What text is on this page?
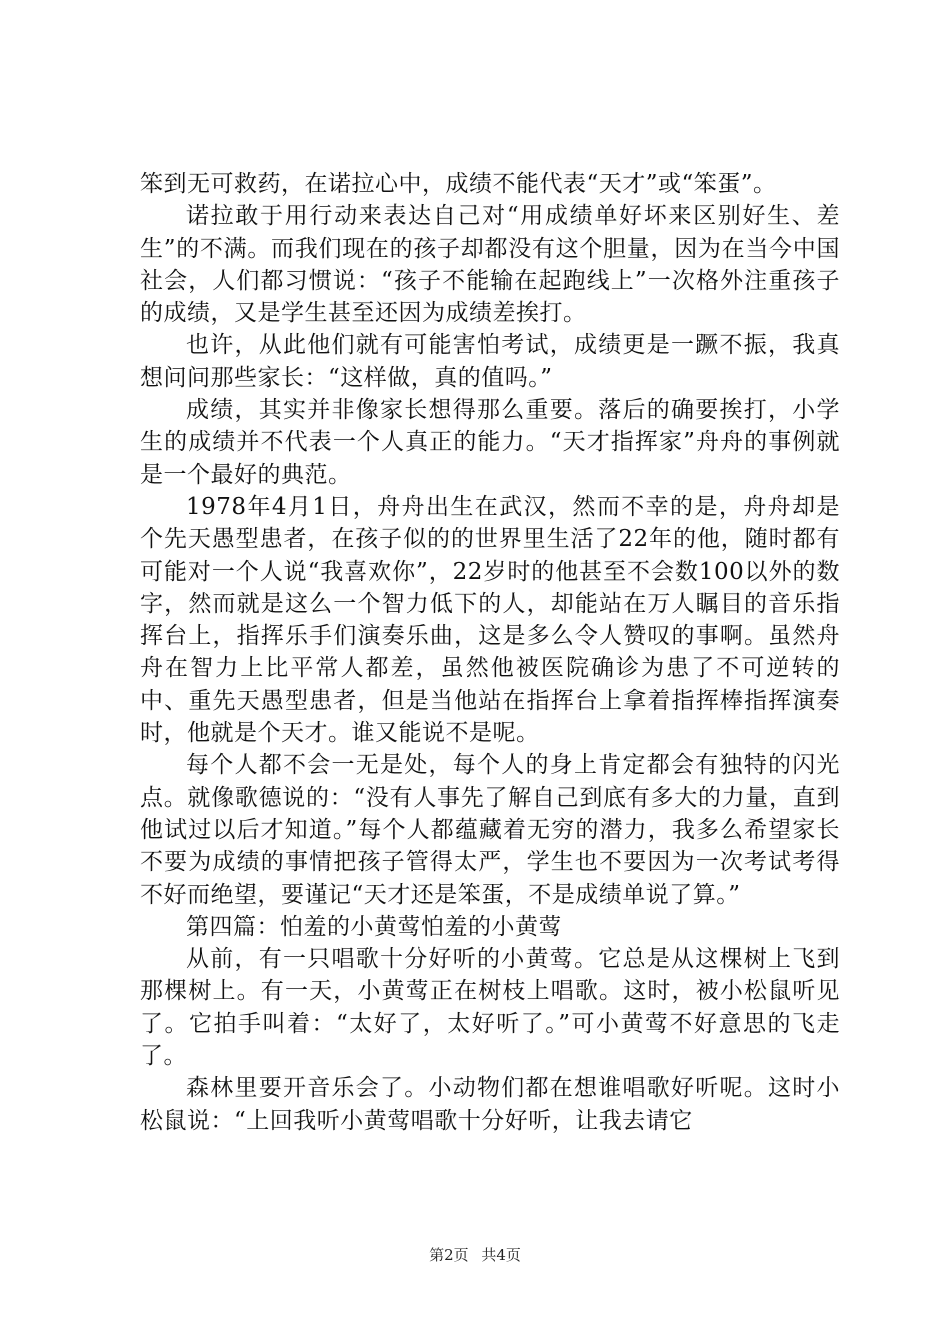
笨到无可救药，在诺拉心中，成绩不能代表“天才”或“笨蛋”。

诺拉敢于用行动来表达自己对“用成绩单好坏来区别好生、差生”的不满。而我们现在的孩子却都没有这个胆量，因为在当今中国社会，人们都习惯说：“孩子不能输在起跑线上”一次格外注重孩子的成绩，又是学生甚至还因为成绩差挨打。

也许，从此他们就有可能害怕考试，成绩更是一蹶不振，我真想问问那些家长：“这样做，真的值吗。”

成绩，其实并非像家长想得那么重要。落后的确要挨打，小学生的成绩并不代表一个人真正的能力。“天才指挥家”舟舟的事例就是一个最好的典范。

1978年4月1日，舟舟出生在武汉，然而不幸的是，舟舟却是个先天愚型患者，在孩子似的的世界里生活了22年的他，随时都有可能对一个人说“我喜欢你”，22岁时的他甚至不会数100以外的数字，然而就是这么一个智力低下的人，却能站在万人瞩目的音乐指挥台上，指挥乐手们演奏乐曲，这是多么令人赞叹的事啊。虽然舟舟在智力上比平常人都差，虽然他被医院确诊为患了不可逆转的中、重先天愚型患者，但是当他站在指挥台上拿着指挥棒指挥演奏时，他就是个天才。谁又能说不是呢。

每个人都不会一无是处，每个人的身上肯定都会有独特的闪光点。就像歌德说的：“没有人事先了解自己到底有多大的力量，直到他试过以后才知道。”每个人都蕴藏着无穷的潜力，我多么希望家长不要为成绩的事情把孩子管得太严，学生也不要因为一次考试考得不好而绝望，要谨记“天才还是笨蛋，不是成绩单说了算。”

第四篇：怕羞的小黄莺怕羞的小黄莺

从前，有一只唱歌十分好听的小黄莺。它总是从这棵树上飞到那棵树上。有一天，小黄莺正在树枝上唱歌。这时，被小松鼠听见了。它拍手叫着：“太好了，太好听了。”可小黄莺不好意思的飞走了。

森林里要开音乐会了。小动物们都在想谁唱歌好听呢。这时小松鼠说：“上回我听小黄莺唱歌十分好听，让我去请它

第2页 共4页
